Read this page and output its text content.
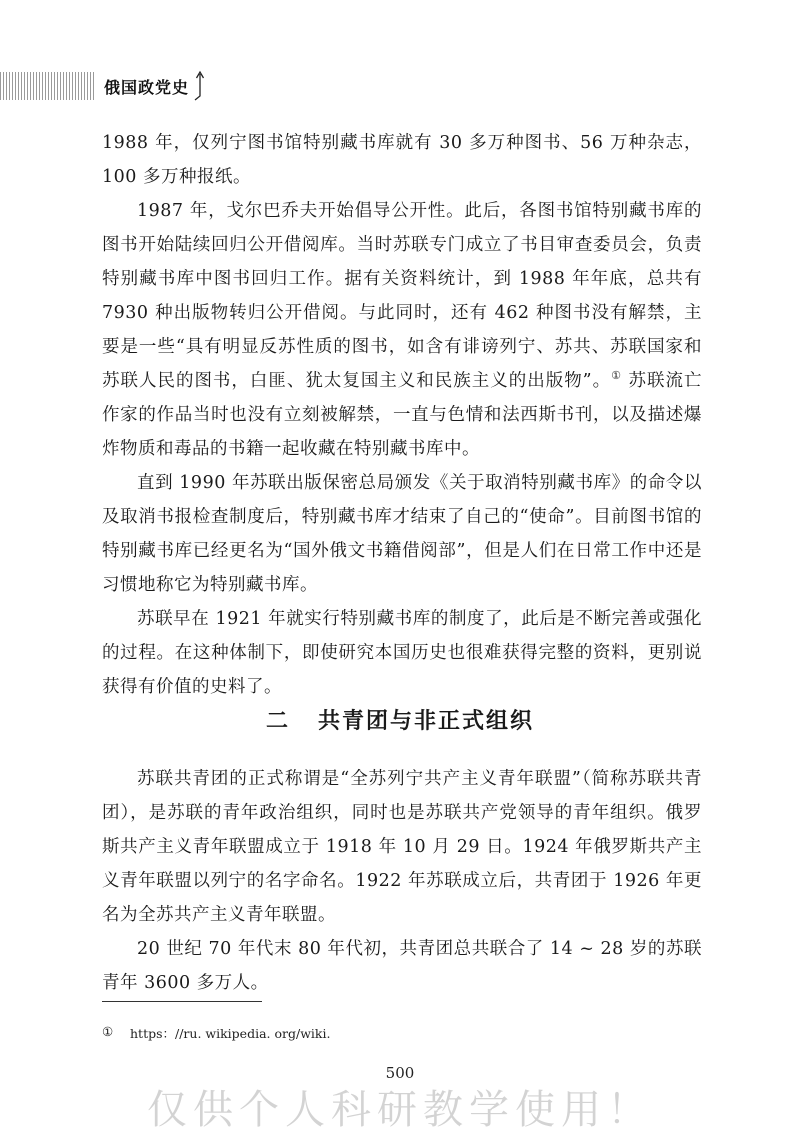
俄国政党史

1988 年，仅列宁图书馆特别藏书库就有 30 多万种图书、56 万种杂志，100 多万种报纸。

1987 年，戈尔巴乔夫开始倡导公开性。此后，各图书馆特别藏书库的图书开始陆续回归公开借阅库。当时苏联专门成立了书目审查委员会，负责特别藏书库中图书回归工作。据有关资料统计，到 1988 年年底，总共有 7930 种出版物转归公开借阅。与此同时，还有 462 种图书没有解禁，主要是一些“具有明显反苏性质的图书，如含有诽谤列宁、苏共、苏联国家和苏联人民的图书，白匪、犹太复国主义和民族主义的出版物”。① 苏联流亡作家的作品当时也没有立刻被解禁，一直与色情和法西斯书刊，以及描述爆炸物质和毒品的书籍一起收藏在特别藏书库中。

直到 1990 年苏联出版保密总局颁发《关于取消特别藏书库》的命令以及取消书报检查制度后，特别藏书库才结束了自己的“使命”。目前图书馆的特别藏书库已经更名为“国外俄文书籍借阅部”，但是人们在日常工作中还是习惯地称它为特别藏书库。

苏联早在 1921 年就实行特别藏书库的制度了，此后是不断完善或强化的过程。在这种体制下，即使研究本国历史也很难获得完整的资料，更别说获得有价值的史料了。

二 共青团与非正式组织

苏联共青团的正式称谓是“全苏列宁共产主义青年联盟”（简称苏联共青团），是苏联的青年政治组织，同时也是苏联共产党领导的青年组织。俄罗斯共产主义青年联盟成立于 1918 年 10 月 29 日。1924 年俄罗斯共产主义青年联盟以列宁的名字命名。1922 年苏联成立后，共青团于 1926 年更名为全苏共产主义青年联盟。

20 世纪 70 年代末 80 年代初，共青团总共联合了 14 ~ 28 岁的苏联青年 3600 多万人。

① https：//ru. wikipedia. org/wiki.
500
仅供个人科研教学使用！
